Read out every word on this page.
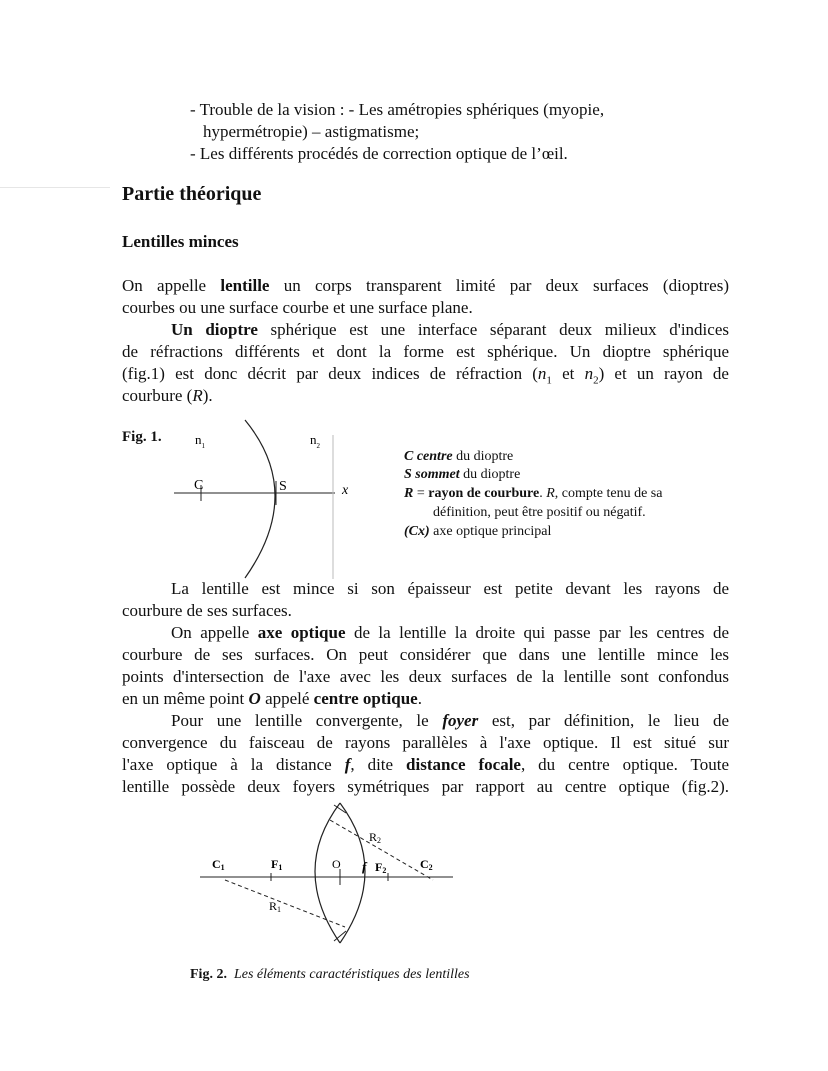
- Trouble de la vision : - Les amétropies sphériques (myopie,
hypermétropie) – astigmatisme;
- Les différents procédés de correction optique de l’œil.
Partie théorique
Lentilles minces
On appelle lentille un corps transparent limité par deux surfaces (dioptres)
courbes ou une surface courbe et une surface plane.
Un dioptre sphérique est une interface séparant deux milieux d'indices
de réfractions différents et dont la forme est sphérique. Un dioptre sphérique
(fig.1) est donc décrit par deux indices de réfraction ($n_1$ et $n_2$) et un rayon de
courbure (R).
Fig. 1.	$n_1$	$n_2$
C	S	x
C centre du dioptre
S sommet du dioptre
R = rayon de courbure. R, compte tenu de sa
définition, peut être positif ou négatif.
(Cx) axe optique principal
La lentille est mince si son épaisseur est petite devant les rayons de
courbure de ses surfaces.
On appelle axe optique de la lentille la droite qui passe par les centres de
courbure de ses surfaces. On peut considérer que dans une lentille mince les
points d'intersection de l'axe avec les deux surfaces de la lentille sont confondus
en un même point O appelé centre optique.
Pour une lentille convergente, le foyer est, par définition, le lieu de
convergence du faisceau de rayons parallèles à l'axe optique. Il est situé sur
l'axe optique à la distance f, dite distance focale, du centre optique. Toute
lentille possède deux foyers symétriques par rapport au centre optique (fig.2).
C1	F1	O f F2	C2
R1
R2
Fig. 2. Les éléments caractéristiques des lentilles
